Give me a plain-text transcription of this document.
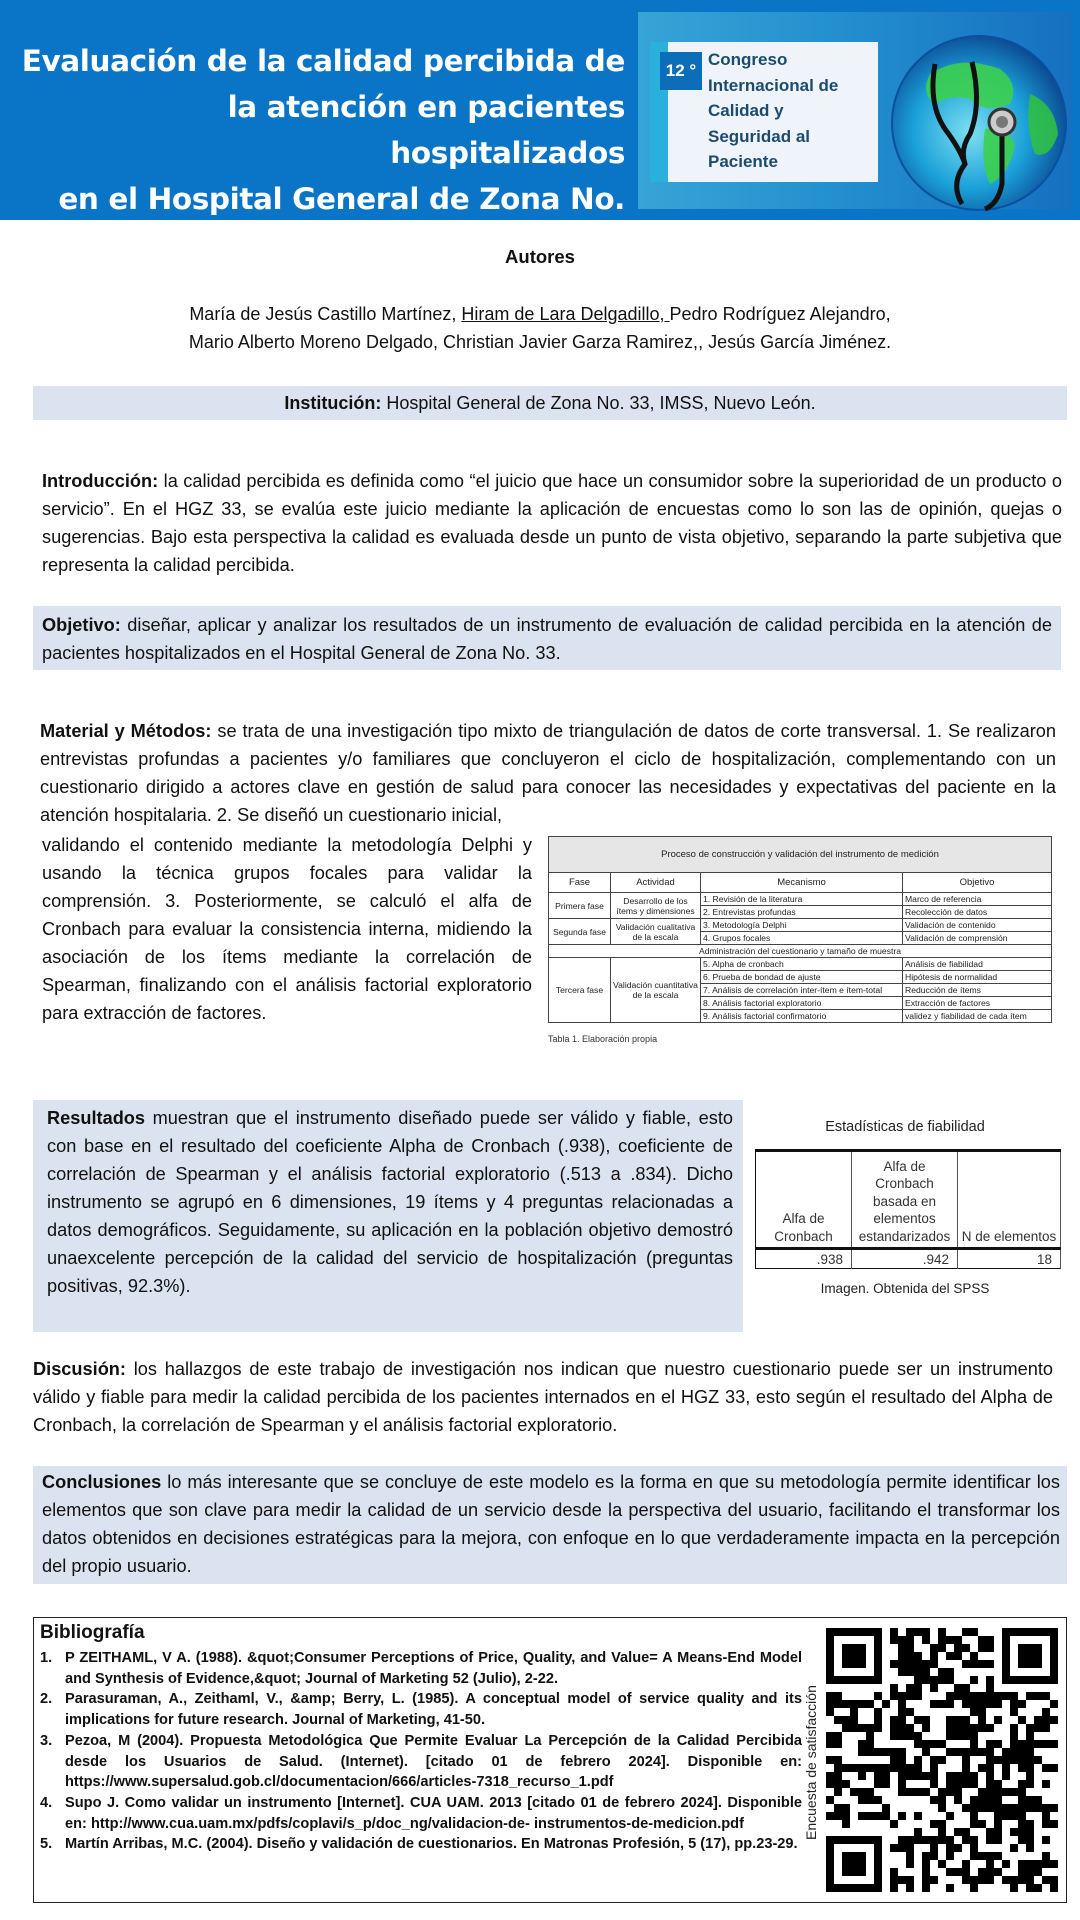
Evaluación de la calidad percibida de
la atención en pacientes hospitalizados
en el Hospital General de Zona No. 33
12 °
Congreso
Internacional de
Calidad y
Seguridad al
Paciente
Autores
María de Jesús Castillo Martínez, Hiram de Lara Delgadillo, Pedro Rodríguez Alejandro,
Mario Alberto Moreno Delgado, Christian Javier Garza Ramirez,, Jesús García Jiménez.
Institución: Hospital General de Zona No. 33, IMSS, Nuevo León.
Introducción: la calidad percibida es definida como “el juicio que hace un consumidor sobre la superioridad de un producto o servicio”. En el HGZ 33, se evalúa este juicio mediante la aplicación de encuestas como lo son las de opinión, quejas o sugerencias. Bajo esta perspectiva la calidad es evaluada desde un punto de vista objetivo, separando la parte subjetiva que representa la calidad percibida.
Objetivo: diseñar, aplicar y analizar los resultados de un instrumento de evaluación de calidad percibida en la atención de pacientes hospitalizados en el Hospital General de Zona No. 33.
Material y Métodos: se trata de una investigación tipo mixto de triangulación de datos de corte transversal. 1. Se realizaron entrevistas profundas a pacientes y/o familiares que concluyeron el ciclo de hospitalización, complementando con un cuestionario dirigido a actores clave en gestión de salud para conocer las necesidades y expectativas del paciente en la atención hospitalaria. 2. Se diseñó un cuestionario inicial,
validando el contenido mediante la metodología Delphi y usando la técnica grupos focales para validar la comprensión. 3. Posteriormente, se calculó el alfa de Cronbach para evaluar la consistencia interna, midiendo la asociación de los ítems mediante la correlación de Spearman, finalizando con el análisis factorial exploratorio para extracción de factores.
Proceso de construcción y validación del instrumento de medición			
Fase	Actividad	Mecanismo	Objetivo
Primera fase	Desarrollo de los ítems y dimensiones	1. Revisión de la literatura	Marco de referencia
		2. Entrevistas profundas	Recolección de datos
Segunda fase	Validación cualitativa de la escala	3. Metodología Delphi	Validación de contenido
		4. Grupos focales	Validación de comprensión
Administración del cuestionario y tamaño de muestra			
Tercera fase	Validación cuantitativa de la escala	5. Alpha de cronbach	Análisis de fiabilidad
		6. Prueba de bondad de ajuste	Hipótesis de normalidad
		7. Análisis de correlación inter-ítem e ítem-total	Reducción de ítems
		8. Análisis factorial exploratorio	Extracción de factores
		9. Análisis factorial confirmatorio	validez y fiabilidad de cada ítem
Tabla 1. Elaboración propia
Resultados muestran que el instrumento diseñado puede ser válido y fiable, esto con base en el resultado del coeficiente Alpha de Cronbach (.938), coeficiente de correlación de Spearman y el análisis factorial exploratorio (.513 a .834). Dicho instrumento se agrupó en 6 dimensiones, 19 ítems y 4 preguntas relacionadas a datos demográficos. Seguidamente, su aplicación en la población objetivo demostró unaexcelente percepción de la calidad del servicio de hospitalización (preguntas positivas, 92.3%).
Estadísticas de fiabilidad
Alfa de Cronbach	Alfa de Cronbach basada en elementos estandarizados	N de elementos
.938	.942	18
Imagen. Obtenida del SPSS
Discusión: los hallazgos de este trabajo de investigación nos indican que nuestro cuestionario puede ser un instrumento válido y fiable para medir la calidad percibida de los pacientes internados en el HGZ 33, esto según el resultado del Alpha de Cronbach, la correlación de Spearman y el análisis factorial exploratorio.
Conclusiones lo más interesante que se concluye de este modelo es la forma en que su metodología permite identificar los elementos que son clave para medir la calidad de un servicio desde la perspectiva del usuario, facilitando el transformar los datos obtenidos en decisiones estratégicas para la mejora, con enfoque en lo que verdaderamente impacta en la percepción del propio usuario.
Bibliografía
1. P ZEITHAML, V A. (1988). &quot;Consumer Perceptions of Price, Quality, and Value= A Means-End Model and Synthesis of Evidence,&quot; Journal of Marketing 52 (Julio), 2-22.
2. Parasuraman, A., Zeithaml, V., &amp; Berry, L. (1985). A conceptual model of service quality and its implications for future research. Journal of Marketing, 41-50.
3. Pezoa, M (2004). Propuesta Metodológica Que Permite Evaluar La Percepción de la Calidad Percibida desde los Usuarios de Salud. (Internet). [citado 01 de febrero 2024]. Disponible en: https://www.supersalud.gob.cl/documentacion/666/articles-7318_recurso_1.pdf
4. Supo J. Como validar un instrumento [Internet]. CUA UAM. 2013 [citado 01 de febrero 2024]. Disponible en: http://www.cua.uam.mx/pdfs/coplavi/s_p/doc_ng/validacion-de- instrumentos-de-medicion.pdf
5. Martín Arribas, M.C. (2004). Diseño y validación de cuestionarios. En Matronas Profesión, 5 (17), pp.23-29.
Encuesta de satisfacción
